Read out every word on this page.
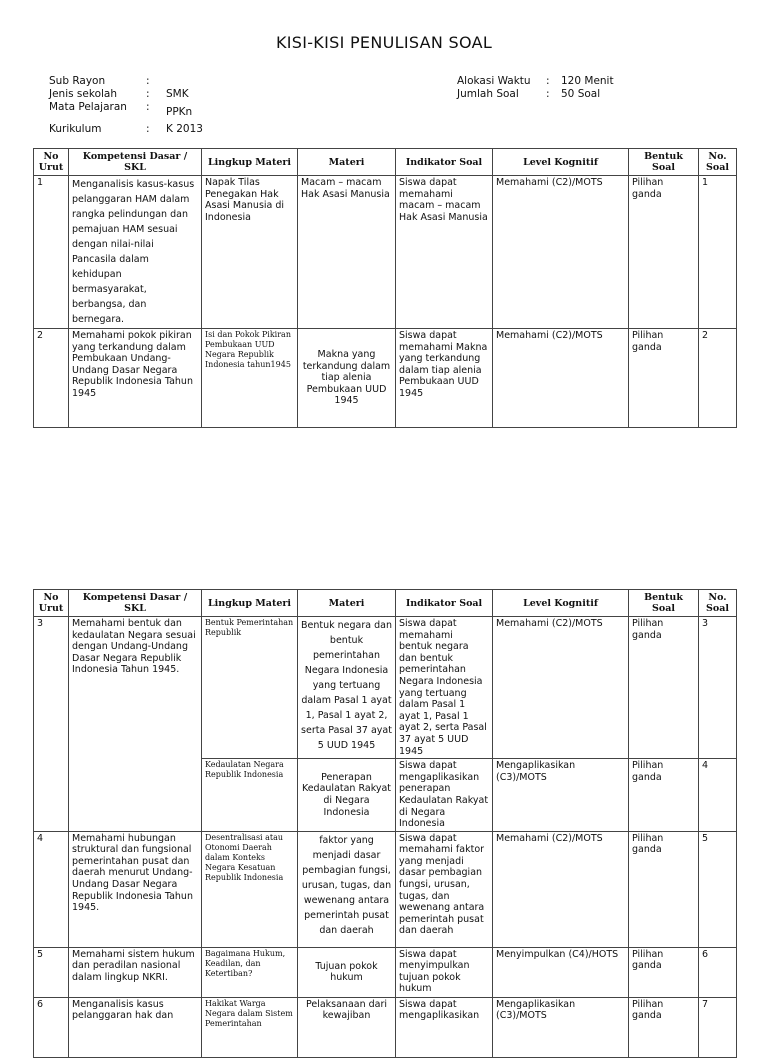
KISI-KISI PENULISAN SOAL
Sub Rayon	:
Jenis sekolah	: SMK
Mata Pelajaran : PPKn
Kurikulum	: K 2013
Alokasi Waktu : 120 Menit
Jumlah Soal	: 50 Soal
No Urut	Kompetensi Dasar / SKL	Lingkup Materi	Materi	Indikator Soal	Level Kognitif	Bentuk Soal	No. Soal
1	Menganalisis kasus-kasus pelanggaran HAM dalam rangka pelindungan dan pemajuan HAM sesuai dengan nilai-nilai Pancasila dalam kehidupan bermasyarakat, berbangsa, dan bernegara.	Napak Tilas Penegakan Hak Asasi Manusia di Indonesia	Macam – macam Hak Asasi Manusia	Siswa dapat memahami macam – macam Hak Asasi Manusia	Memahami (C2)/MOTS	Pilihan ganda	1
2	Memahami pokok pikiran yang terkandung dalam Pembukaan Undang-Undang Dasar Negara Republik Indonesia Tahun 1945	Isi dan Pokok Pikiran Pembukaan UUD Negara Republik Indonesia tahun1945	Makna yang terkandung dalam tiap alenia Pembukaan UUD 1945	Siswa dapat memahami Makna yang terkandung dalam tiap alenia Pembukaan UUD 1945	Memahami (C2)/MOTS	Pilihan ganda	2
No Urut	Kompetensi Dasar / SKL	Lingkup Materi	Materi	Indikator Soal	Level Kognitif	Bentuk Soal	No. Soal
3	Memahami bentuk dan kedaulatan Negara sesuai dengan Undang-Undang Dasar Negara Republik Indonesia Tahun 1945.	Bentuk Pemerintahan Republik	Bentuk negara dan bentuk pemerintahan Negara Indonesia yang tertuang dalam Pasal 1 ayat 1, Pasal 1 ayat 2, serta Pasal 37 ayat 5 UUD 1945	Siswa dapat memahami bentuk negara dan bentuk pemerintahan Negara Indonesia yang tertuang dalam Pasal 1 ayat 1, Pasal 1 ayat 2, serta Pasal 37 ayat 5 UUD 1945	Memahami (C2)/MOTS	Pilihan ganda	3
		Kedaulatan Negara Republik Indonesia	Penerapan Kedaulatan Rakyat di Negara Indonesia	Siswa dapat mengaplikasikan penerapan Kedaulatan Rakyat di Negara Indonesia	Mengaplikasikan (C3)/MOTS	Pilihan ganda	4
4	Memahami hubungan struktural dan fungsional pemerintahan pusat dan daerah menurut Undang-Undang Dasar Negara Republik Indonesia Tahun 1945.	Desentralisasi atau Otonomi Daerah dalam Konteks Negara Kesatuan Republik Indonesia	faktor yang menjadi dasar pembagian fungsi, urusan, tugas, dan wewenang antara pemerintah pusat dan daerah	Siswa dapat memahami faktor yang menjadi dasar pembagian fungsi, urusan, tugas, dan wewenang antara pemerintah pusat dan daerah	Memahami (C2)/MOTS	Pilihan ganda	5
5	Memahami sistem hukum dan peradilan nasional dalam lingkup NKRI.	Bagaimana Hukum, Keadilan, dan Ketertiban?	Tujuan pokok hukum	Siswa dapat menyimpulkan tujuan pokok hukum	Menyimpulkan (C4)/HOTS	Pilihan ganda	6
6	Menganalisis kasus pelanggaran hak dan	Hakikat Warga Negara dalam Sistem Pemerintahan	Pelaksanaan dari kewajiban	Siswa dapat mengaplikasikan	Mengaplikasikan (C3)/MOTS	Pilihan ganda	7
